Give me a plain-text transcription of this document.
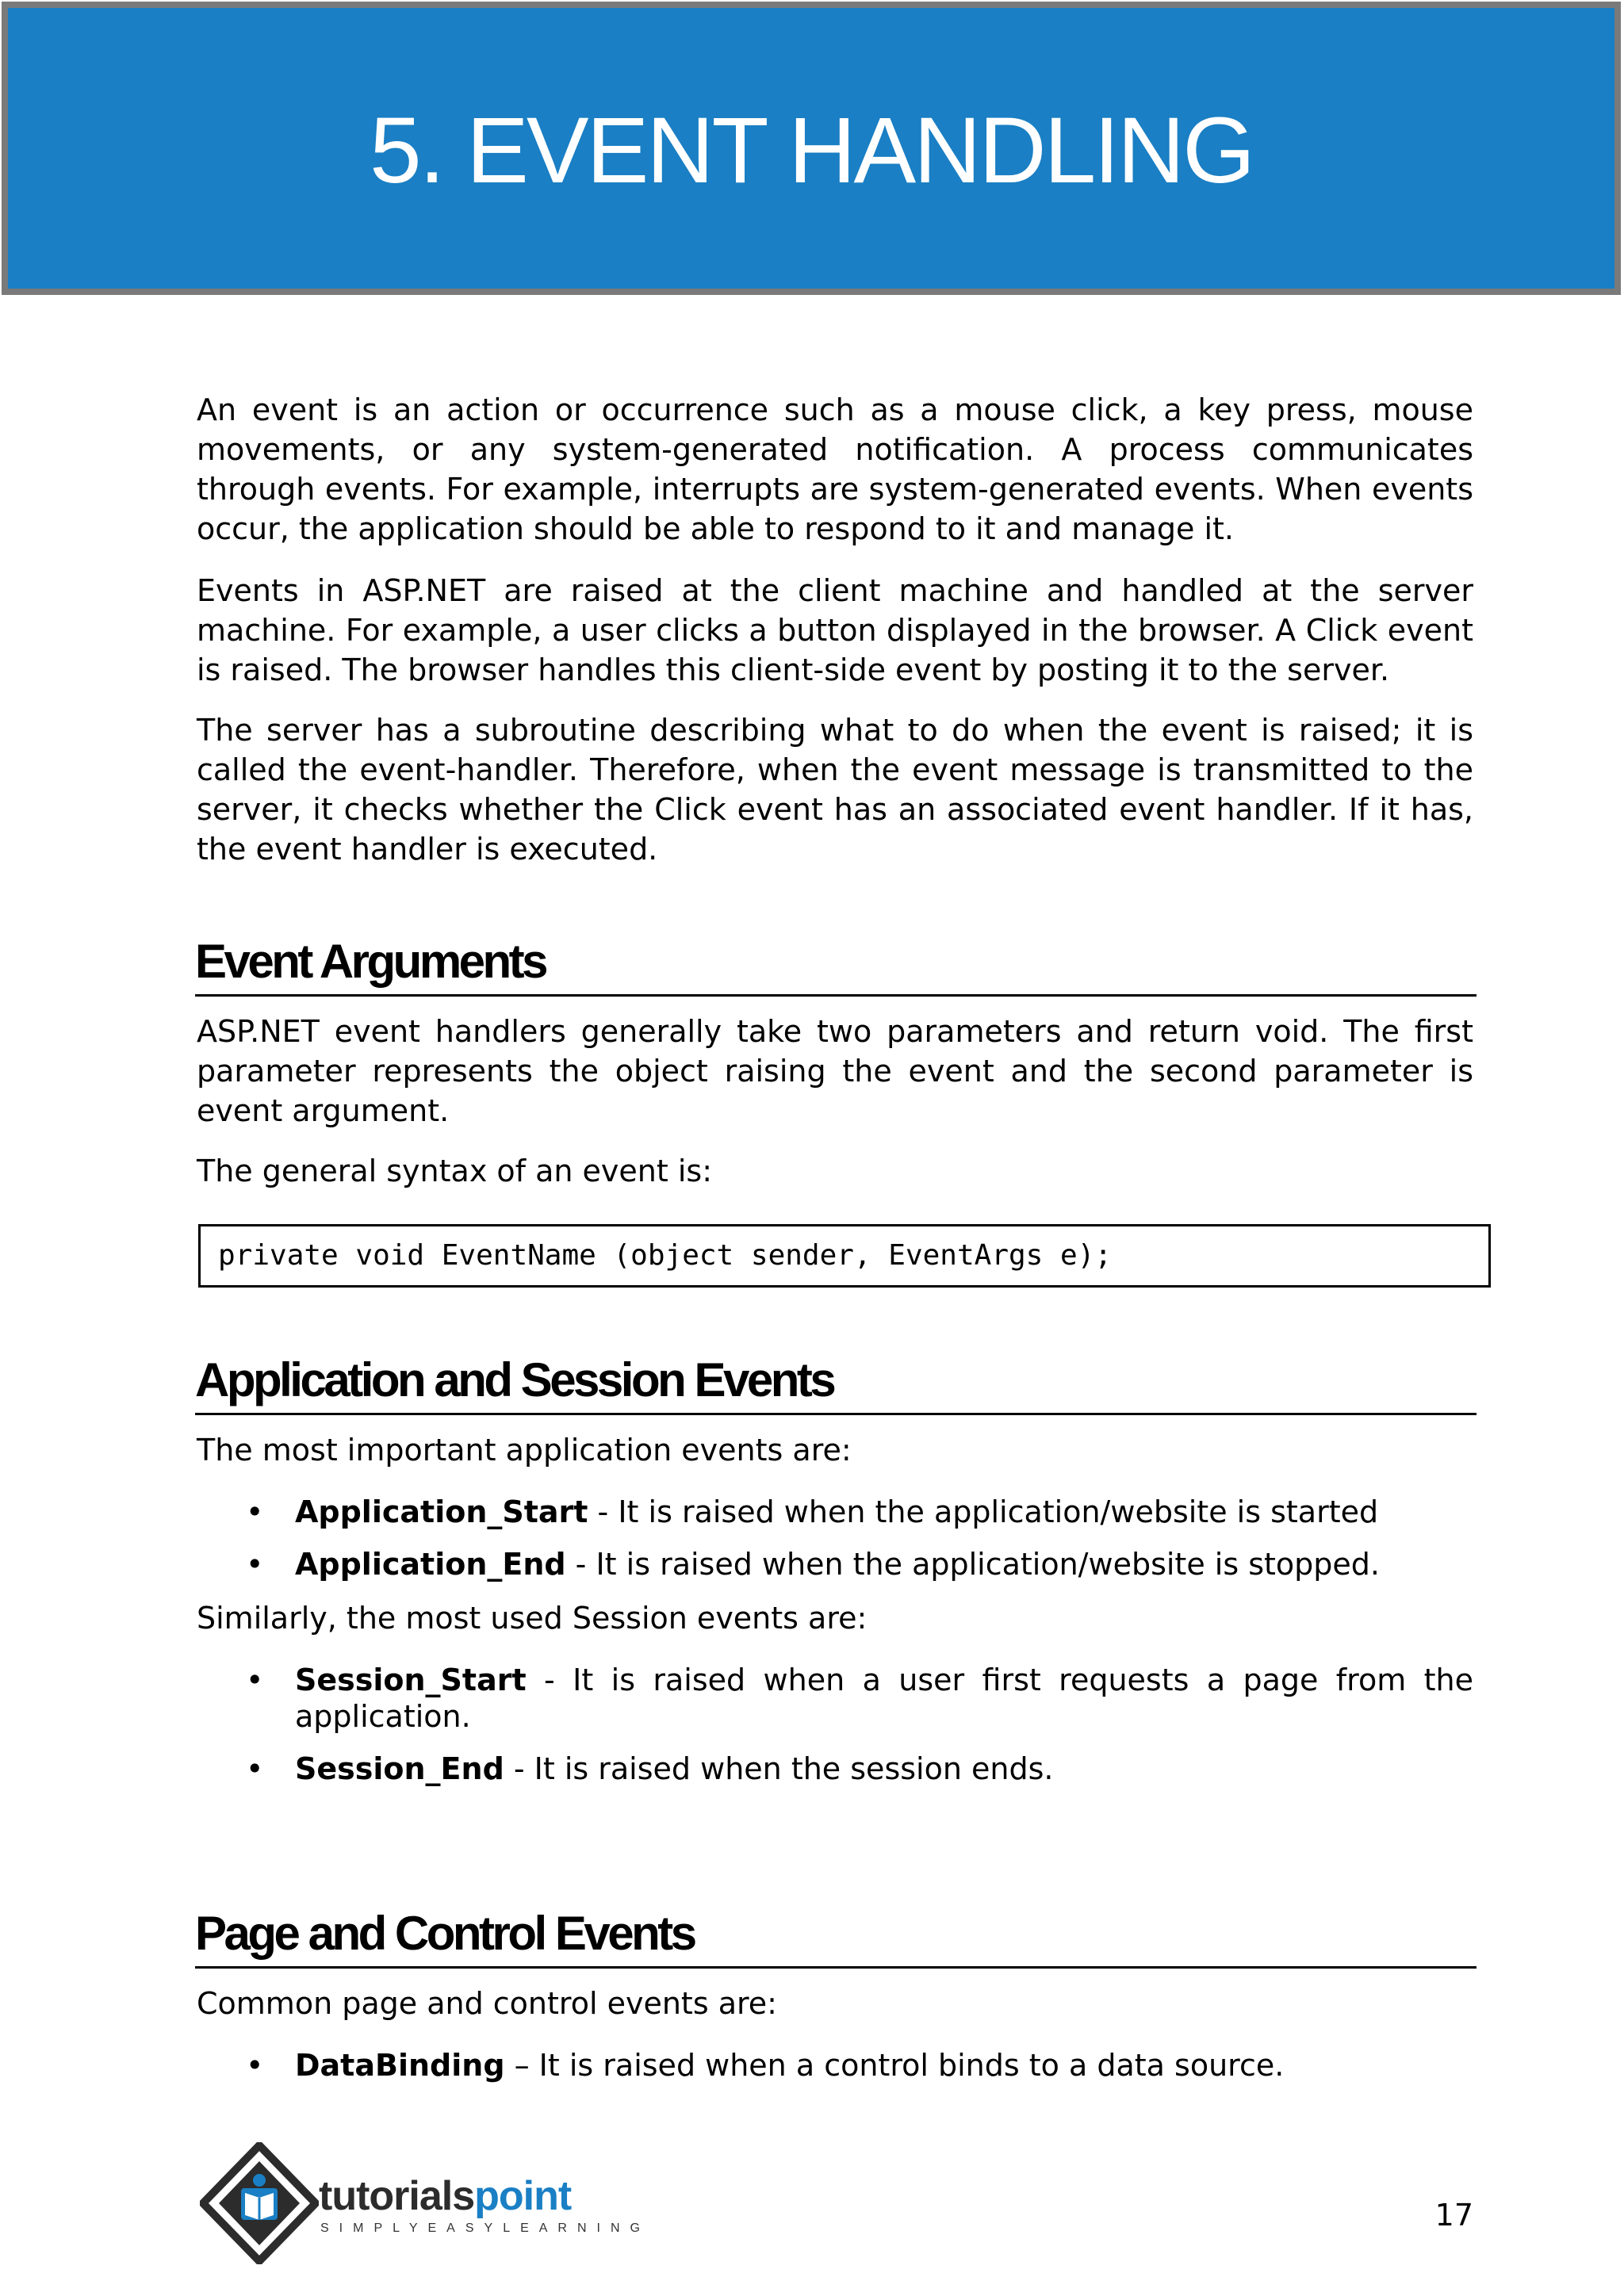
5. EVENT HANDLING

An event is an action or occurrence such as a mouse click, a key press, mouse movements, or any system-generated notification. A process communicates through events. For example, interrupts are system-generated events. When events occur, the application should be able to respond to it and manage it.

Events in ASP.NET are raised at the client machine and handled at the server machine. For example, a user clicks a button displayed in the browser. A Click event is raised. The browser handles this client-side event by posting it to the server.

The server has a subroutine describing what to do when the event is raised; it is called the event-handler. Therefore, when the event message is transmitted to the server, it checks whether the Click event has an associated event handler. If it has, the event handler is executed.

Event Arguments

ASP.NET event handlers generally take two parameters and return void. The first parameter represents the object raising the event and the second parameter is event argument.

The general syntax of an event is:

private void EventName (object sender, EventArgs e);
Application and Session Events

The most important application events are:

• Application_Start - It is raised when the application/website is started
• Application_End - It is raised when the application/website is stopped.

Similarly, the most used Session events are:

• Session_Start - It is raised when a user first requests a page from the application.
• Session_End - It is raised when the session ends.
Page and Control Events

Common page and control events are:

• DataBinding – It is raised when a control binds to a data source.
tutorialspoint
SIMPLYEASYLEARNING	17
